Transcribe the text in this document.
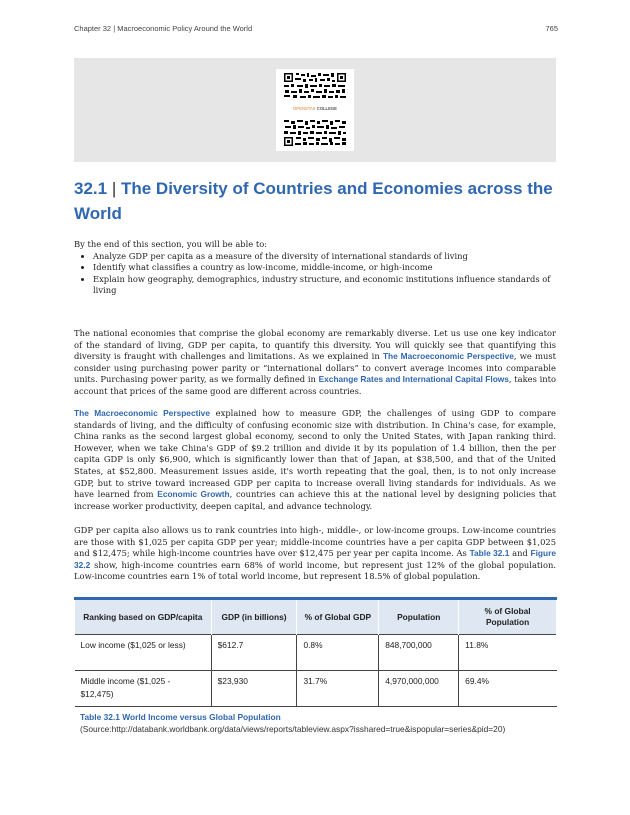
Chapter 32 | Macroeconomic Policy Around the World	765
OPENSTAX COLLEGE
32.1 | The Diversity of Countries and Economies across the World

By the end of this section, you will be able to:

• Analyze GDP per capita as a measure of the diversity of international standards of living
• Identify what classifies a country as low-income, middle-income, or high-income
• Explain how geography, demographics, industry structure, and economic institutions influence standards of living

The national economies that comprise the global economy are remarkably diverse. Let us use one key indicator of the standard of living, GDP per capita, to quantify this diversity. You will quickly see that quantifying this diversity is fraught with challenges and limitations. As we explained in The Macroeconomic Perspective, we must consider using purchasing power parity or “international dollars” to convert average incomes into comparable units. Purchasing power parity, as we formally defined in Exchange Rates and International Capital Flows, takes into account that prices of the same good are different across countries.

The Macroeconomic Perspective explained how to measure GDP, the challenges of using GDP to compare standards of living, and the difficulty of confusing economic size with distribution. In China's case, for example, China ranks as the second largest global economy, second to only the United States, with Japan ranking third. However, when we take China's GDP of $9.2 trillion and divide it by its population of 1.4 billion, then the per capita GDP is only $6,900, which is significantly lower than that of Japan, at $38,500, and that of the United States, at $52,800. Measurement issues aside, it's worth repeating that the goal, then, is to not only increase GDP, but to strive toward increased GDP per capita to increase overall living standards for individuals. As we have learned from Economic Growth, countries can achieve this at the national level by designing policies that increase worker productivity, deepen capital, and advance technology.

GDP per capita also allows us to rank countries into high-, middle-, or low-income groups. Low-income countries are those with $1,025 per capita GDP per year; middle-income countries have a per capita GDP between $1,025 and $12,475; while high-income countries have over $12,475 per year per capita income. As Table 32.1 and Figure 32.2 show, high-income countries earn 68% of world income, but represent just 12% of the global population. Low-income countries earn 1% of total world income, but represent 18.5% of global population.

Ranking based on GDP/capita	GDP (in billions)	% of Global GDP	Population	% of Global Population
Low income ($1,025 or less)	$612.7	0.8%	848,700,000	11.8%
Middle income ($1,025 - $12,475)	$23,930	31.7%	4,970,000,000	69.4%
Table 32.1 World Income versus Global Population    (Source:http://databank.worldbank.org/data/views/reports/tableview.aspx?isshared=true&ispopular=series&pid=20)
